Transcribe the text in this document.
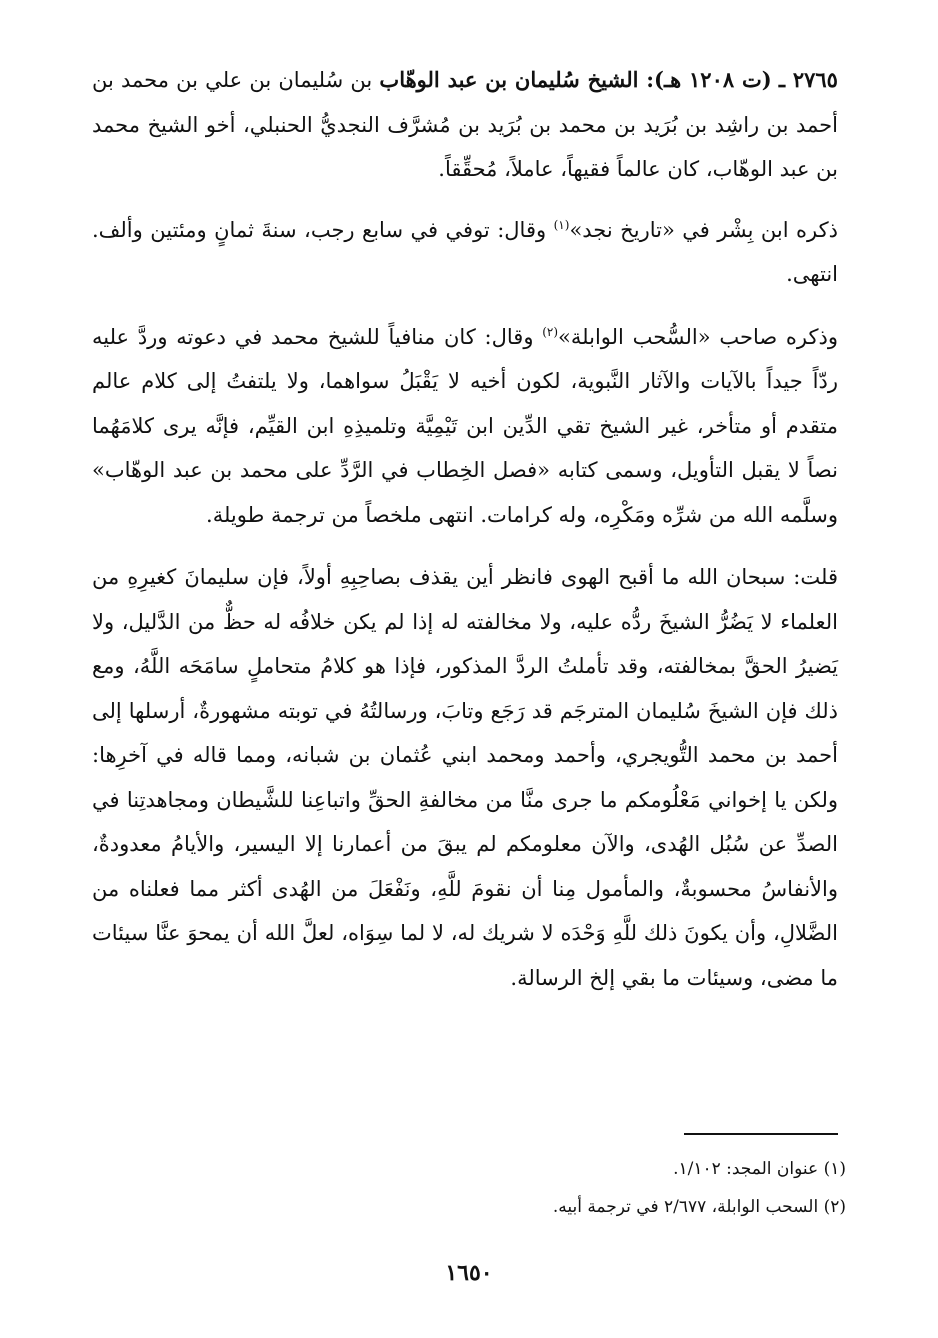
٢٧٦٥ ـ (ت ١٢٠٨ هـ): الشيخ سُليمان بن عبد الوهّاب بن سُليمان بن علي بن محمد بن أحمد بن راشِد بن بُرَيد بن محمد بن بُرَيد بن مُشرَّف النجديُّ الحنبلي، أخو الشيخ محمد بن عبد الوهّاب، كان عالماً فقيهاً، عاملاً، مُحقِّقاً.

ذكره ابن بِشْر في «تاريخ نجد»$^{(١)}$ وقال: توفي في سابع رجب، سنةَ ثمانٍ ومئتين وألف. انتهى.

وذكره صاحب «السُّحب الوابلة»$^{(٢)}$ وقال: كان منافياً للشيخ محمد في دعوته وردَّ عليه ردّاً جيداً بالآيات والآثار النَّبوية، لكون أخيه لا يَقْبَلُ سواهما، ولا يلتفتُ إلى كلام عالم متقدم أو متأخر، غير الشيخ تقي الدِّين ابن تَيْمِيَّة وتلميذِهِ ابن القيِّم، فإنَّه يرى كلامَهُما نصاً لا يقبل التأويل، وسمى كتابه «فصل الخِطاب في الرَّدِّ على محمد بن عبد الوهّاب» وسلَّمه الله من شرِّه ومَكْرِه، وله كرامات. انتهى ملخصاً من ترجمة طويلة.

قلت: سبحان الله ما أقبح الهوى فانظر أين يقذف بصاحِبِهِ أولاً، فإن سليمانَ كغيرِهِ من العلماء لا يَضُرُّ الشيخَ ردُّه عليه، ولا مخالفته له إذا لم يكن خلافُه له حظٌّ من الدَّليل، ولا يَضيرُ الحقَّ بمخالفته، وقد تأملتُ الردَّ المذكور، فإذا هو كلامُ متحاملٍ سامَحَه اللَّهُ، ومع ذلك فإن الشيخَ سُليمان المترجَم قد رَجَع وتابَ، ورسالتُهُ في توبته مشهورةٌ، أرسلها إلى أحمد بن محمد التُّويجري، وأحمد ومحمد ابني عُثمان بن شبانه، ومما قاله في آخرِها: ولكن يا إخواني مَعْلُومكم ما جرى منَّا من مخالفةِ الحقِّ واتباعِنا للشَّيطان ومجاهدتِنا في الصدِّ عن سُبُل الهُدى، والآن معلومكم لم يبقَ من أعمارنا إلا اليسير، والأيامُ معدودةٌ، والأنفاسُ محسوبةٌ، والمأمول مِنا أن نقومَ للَّهِ، ونَفْعَلَ من الهُدى أكثر مما فعلناه من الضَّلالِ، وأن يكونَ ذلك للَّهِ وَحْدَه لا شريك له، لا لما سِوَاه، لعلَّ الله أن يمحوَ عنَّا سيئات ما مضى، وسيئات ما بقي إلخ الرسالة.

(١) عنوان المجد: ١/١٠٢.

(٢) السحب الوابلة، ٢/٦٧٧ في ترجمة أبيه.

١٦٥٠
